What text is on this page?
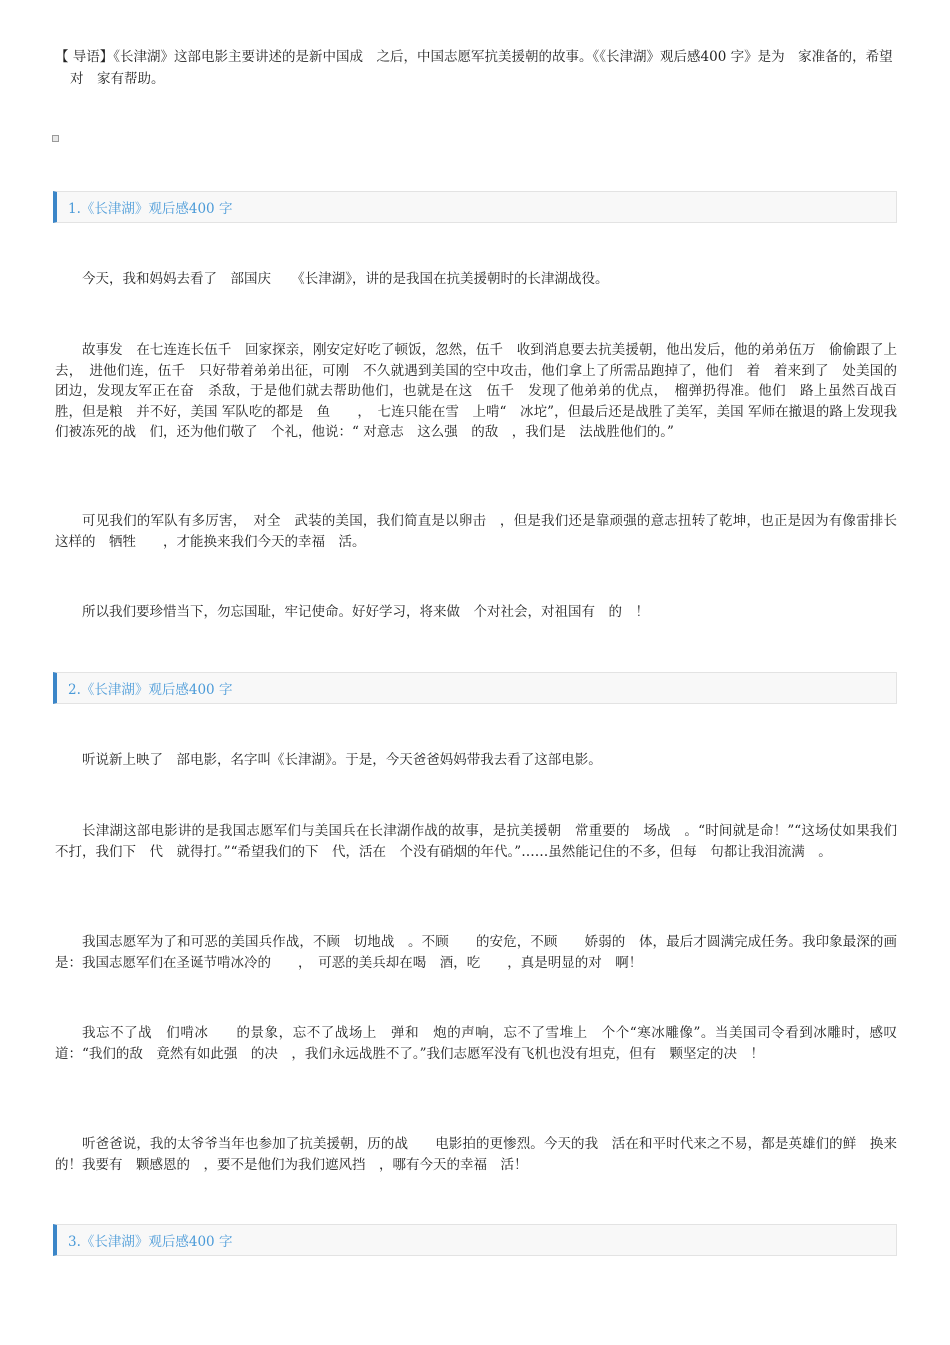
【 导语】《长津湖》这部电影主要讲述的是新中国成　之后，中国志愿军抗美援朝的故事。《《长津湖》观后感400 字》是为　家准备的，希望对　家有帮助。

1.《长津湖》观后感400 字

今天，我和妈妈去看了　部国庆　　《长津湖》，讲的是我国在抗美援朝时的长津湖战役。

故事发　在七连连长伍千　回家探亲，刚安定好吃了顿饭，忽然，伍千　收到消息要去抗美援朝，他出发后，他的弟弟伍万　偷偷跟了上去，　进他们连，伍千　只好带着弟弟出征，可刚　不久就遇到美国的空中攻击，他们拿上了所需品跑掉了，他们　着　着来到了　处美国的团边，发现友军正在奋　杀敌，于是他们就去帮助他们，也就是在这　伍千　发现了他弟弟的优点，　榴弹扔得准。他们　路上虽然百战百胜，但是粮　并不好，美国 军队吃的都是　鱼　　，　七连只能在雪　上啃“　冰坨”，但最后还是战胜了美军，美国 军师在撤退的路上发现我们被冻死的战　们，还为他们敬了　个礼，他说：“ 对意志　这么强　的敌　，我们是　法战胜他们的。”

可见我们的军队有多厉害，　对全　武装的美国，我们简直是以卵击　，但是我们还是靠顽强的意志扭转了乾坤，也正是因为有像雷排长这样的　牺牲　　，才能换来我们今天的幸福　活。

所以我们要珍惜当下，勿忘国耻，牢记使命。好好学习，将来做　个对社会，对祖国有　的　！

2.《长津湖》观后感400 字

听说新上映了　部电影，名字叫《长津湖》。于是，今天爸爸妈妈带我去看了这部电影。

长津湖这部电影讲的是我国志愿军们与美国兵在长津湖作战的故事，是抗美援朝　常重要的　场战　。“时间就是命！”“这场仗如果我们不打，我们下　代　就得打。”“希望我们的下　代，活在　个没有硝烟的年代。”……虽然能记住的不多，但每　句都让我泪流满　。

我国志愿军为了和可恶的美国兵作战，不顾　切地战　。不顾　　的安危，不顾　　娇弱的　体，最后才圆满完成任务。我印象最深的画　是：我国志愿军们在圣诞节啃冰冷的　　，　可恶的美兵却在喝　酒，吃　　，真是明显的对　啊！

我忘不了战　们啃冰　　的景象，忘不了战场上　弹和　炮的声响，忘不了雪堆上　个个“寒冰雕像”。当美国司令看到冰雕时，感叹道：“我们的敌　竟然有如此强　的决　，我们永远战胜不了。”我们志愿军没有飞机也没有坦克，但有　颗坚定的决　！

听爸爸说，我的太爷爷当年也参加了抗美援朝，历的战　　电影拍的更惨烈。今天的我　活在和平时代来之不易，都是英雄们的鲜　换来的！我要有　颗感恩的　，要不是他们为我们遮风挡　，哪有今天的幸福　活！

3.《长津湖》观后感400 字
